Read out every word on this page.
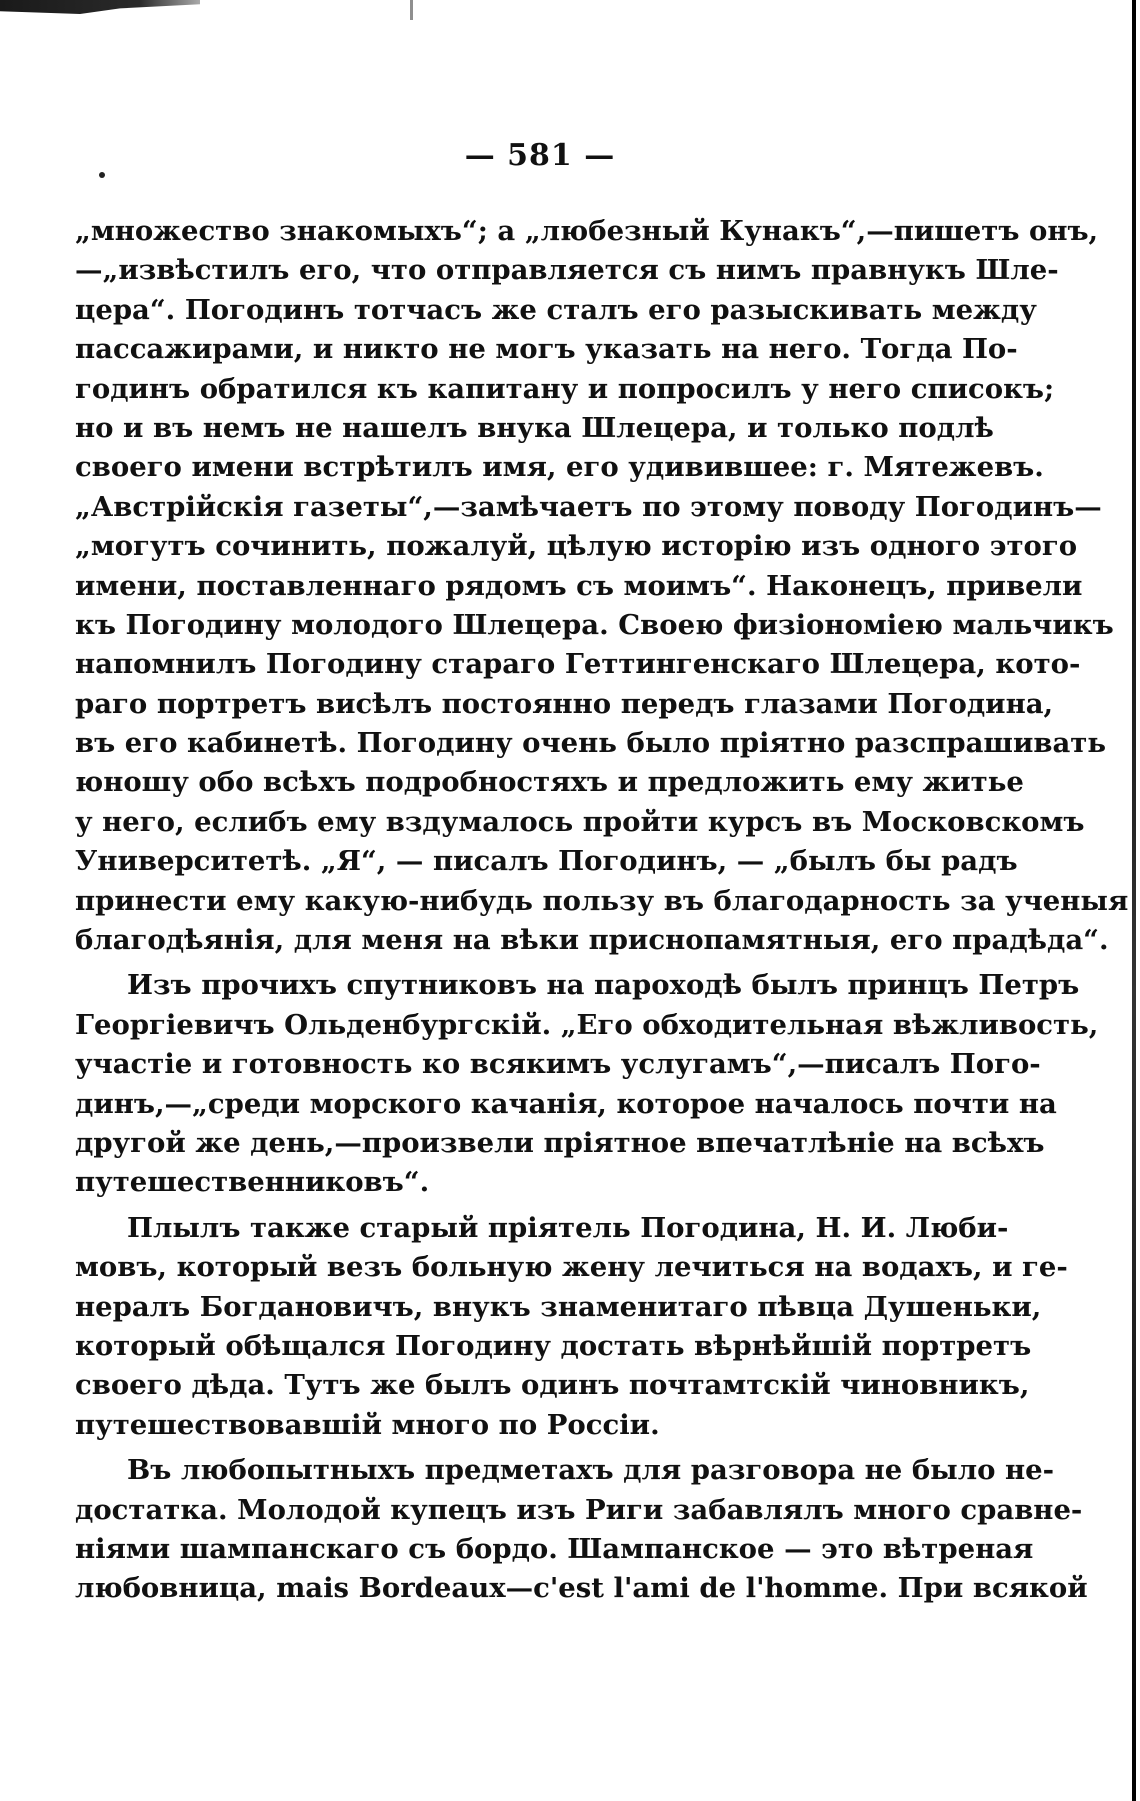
— 581 —
„множество знакомыхъ“; а „любезный Кунакъ“,—пишетъ онъ,
—„извѣстилъ его, что отправляется съ нимъ правнукъ Шле-
цера“. Погодинъ тотчасъ же сталъ его разыскивать между
пассажирами, и никто не могъ указать на него. Тогда По-
годинъ обратился къ капитану и попросилъ у него списокъ;
но и въ немъ не нашелъ внука Шлецера, и только подлѣ
своего имени встрѣтилъ имя, его удивившее: г. Мятежевъ.
„Австрійскія газеты“,—замѣчаетъ по этому поводу Погодинъ—
„могутъ сочинить, пожалуй, цѣлую исторію изъ одного этого
имени, поставленнаго рядомъ съ моимъ“. Наконецъ, привели
къ Погодину молодого Шлецера. Своею физіономіею мальчикъ
напомнилъ Погодину стараго Геттингенскаго Шлецера, кото-
раго портретъ висѣлъ постоянно передъ глазами Погодина,
въ его кабинетѣ. Погодину очень было пріятно разспрашивать
юношу обо всѣхъ подробностяхъ и предложить ему житье
у него, еслибъ ему вздумалось пройти курсъ въ Московскомъ
Университетѣ. „Я“, — писалъ Погодинъ, — „былъ бы радъ
принести ему какую-нибудь пользу въ благодарность за ученыя
благодѣянія, для меня на вѣки приснопамятныя, его прадѣда“.
Изъ прочихъ спутниковъ на пароходѣ былъ принцъ Петръ
Георгіевичъ Ольденбургскій. „Его обходительная вѣжливость,
участіе и готовность ко всякимъ услугамъ“,—писалъ Пого-
динъ,—„среди морского качанія, которое началось почти на
другой же день,—произвели пріятное впечатлѣніе на всѣхъ
путешественниковъ“.
Плылъ также старый пріятель Погодина, Н. И. Люби-
мовъ, который везъ больную жену лечиться на водахъ, и ге-
нералъ Богдановичъ, внукъ знаменитаго пѣвца Душеньки,
который обѣщался Погодину достать вѣрнѣйшій портретъ
своего дѣда. Тутъ же былъ одинъ почтамтскій чиновникъ,
путешествовавшій много по Россіи.
Въ любопытныхъ предметахъ для разговора не было не-
достатка. Молодой купецъ изъ Риги забавлялъ много сравне-
ніями шампанскаго съ бордо. Шампанское — это вѣтреная
любовница, mais Bordeaux—c'est l'ami de l'homme. При всякой
